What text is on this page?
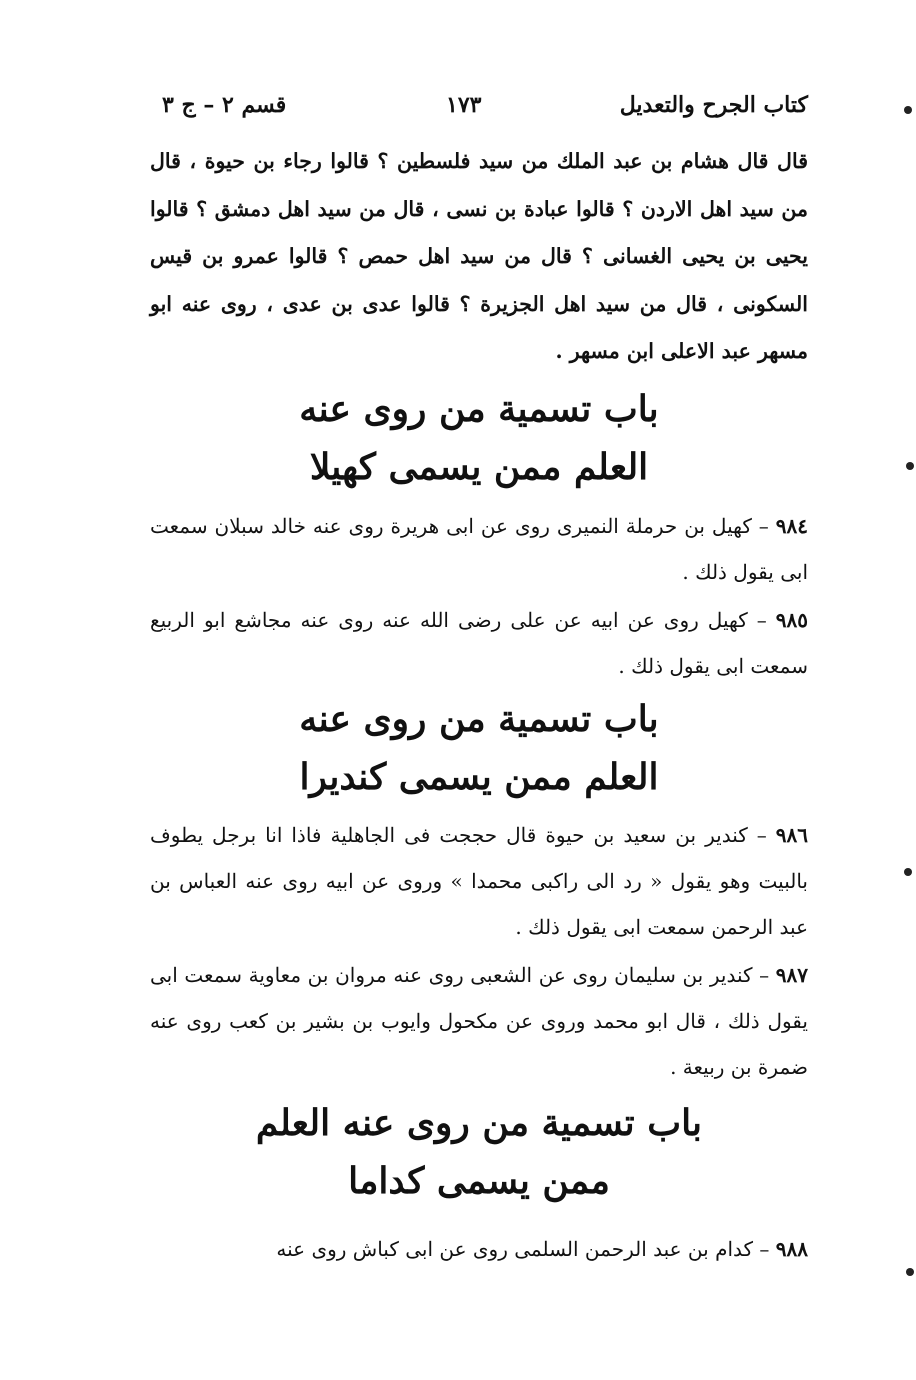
كتاب الجرح والتعديل
١٧٣
قسم ٢ – ج ٣

قال قال هشام بن عبد الملك من سيد فلسطين ؟ قالوا رجاء بن حيوة ، قال من سيد اهل الاردن ؟ قالوا عبادة بن نسى ، قال من سيد اهل دمشق ؟ قالوا يحيى بن يحيى الغسانى ؟ قال من سيد اهل حمص ؟ قالوا عمرو بن قيس السكونى ، قال من سيد اهل الجزيرة ؟ قالوا عدى بن عدى ، روى عنه ابو مسهر عبد الاعلى ابن مسهر .

باب تسمية من روى عنه
العلم ممن يسمى كهيلا

٩٨٤ – كهيل بن حرملة النميرى روى عن ابى هريرة روى عنه خالد سبلان سمعت ابى يقول ذلك .

٩٨٥ – كهيل روى عن ابيه عن على رضى الله عنه روى عنه مجاشع ابو الربيع سمعت ابى يقول ذلك .

باب تسمية من روى عنه
العلم ممن يسمى كنديرا

٩٨٦ – كندير بن سعيد بن حيوة قال حججت فى الجاهلية فاذا انا برجل يطوف بالبيت وهو يقول « رد الى راكبى محمدا » وروى عن ابيه روى عنه العباس بن عبد الرحمن سمعت ابى يقول ذلك .

٩٨٧ – كندير بن سليمان روى عن الشعبى روى عنه مروان بن معاوية سمعت ابى يقول ذلك ، قال ابو محمد وروى عن مكحول وايوب بن بشير بن كعب روى عنه ضمرة بن ربيعة .

باب تسمية من روى عنه العلم
ممن يسمى كداما

٩٨٨ – كدام بن عبد الرحمن السلمى روى عن ابى كباش روى عنه
